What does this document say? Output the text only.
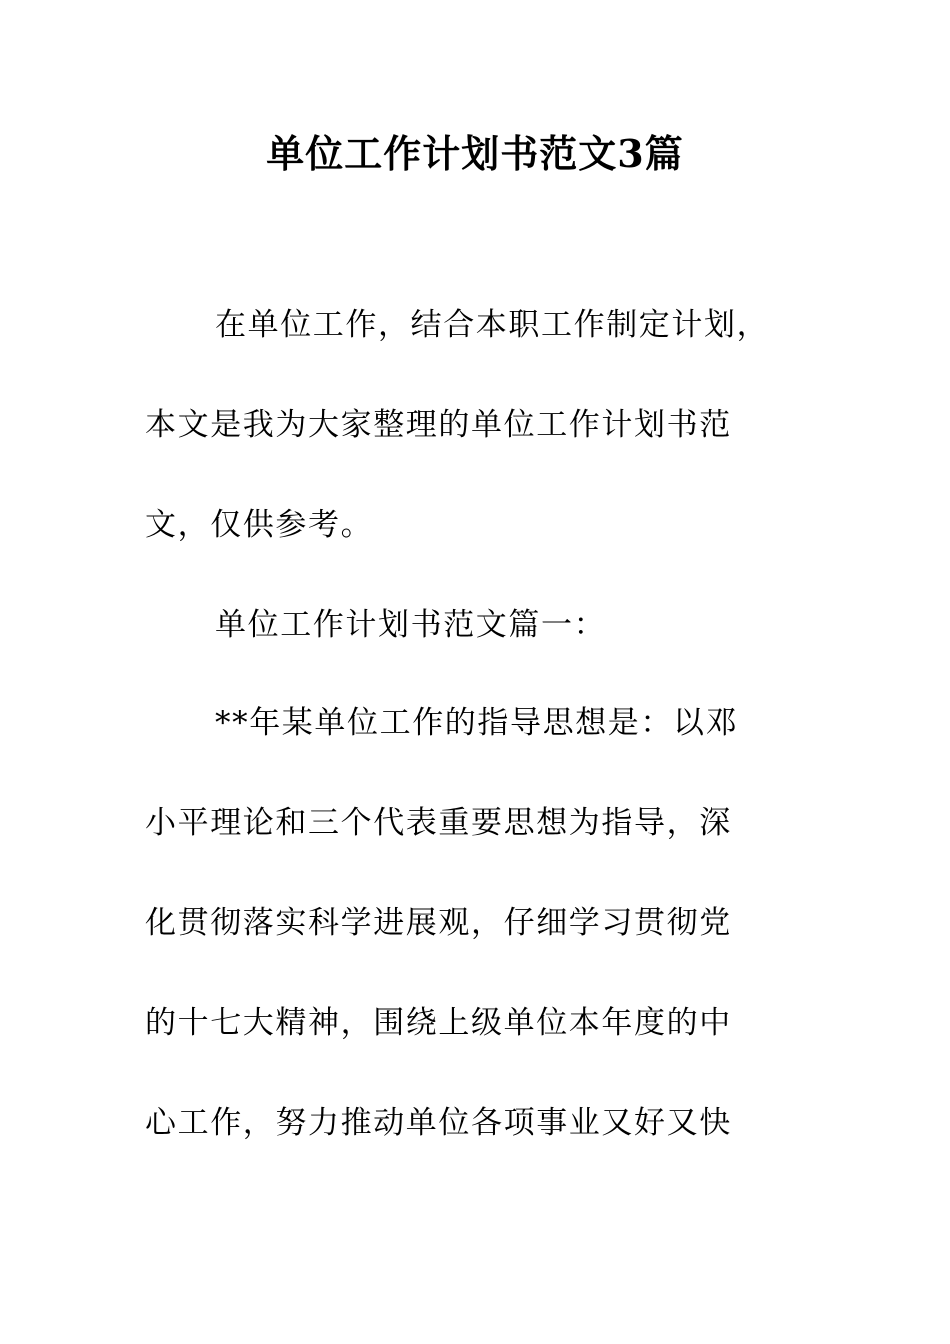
单位工作计划书范文3篇
在单位工作，结合本职工作制定计划，
本文是我为大家整理的单位工作计划书范
文，仅供参考。
单位工作计划书范文篇一：
**年某单位工作的指导思想是：以邓
小平理论和三个代表重要思想为指导，深
化贯彻落实科学进展观，仔细学习贯彻党
的十七大精神，围绕上级单位本年度的中
心工作，努力推动单位各项事业又好又快
